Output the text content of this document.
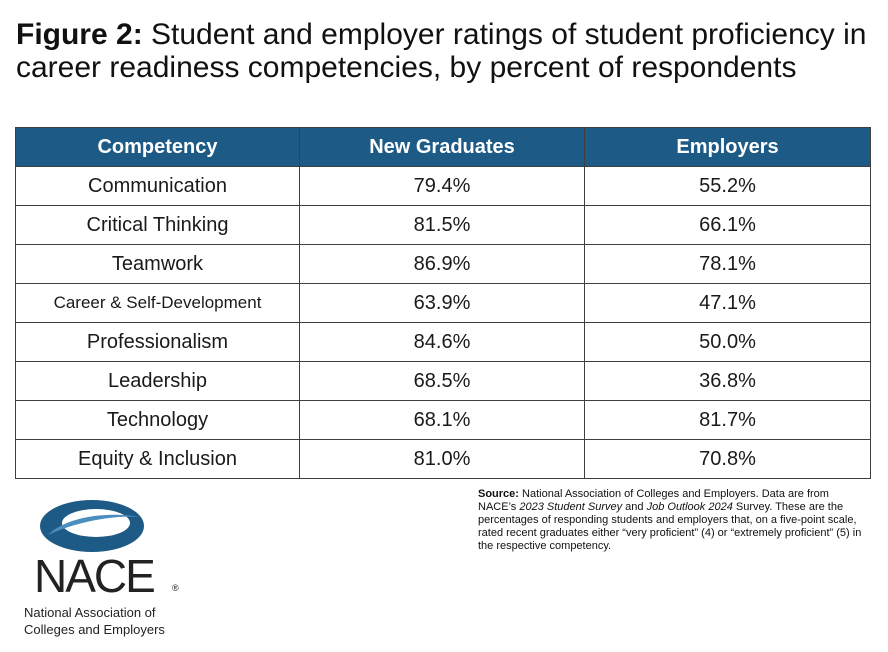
Figure 2: Student and employer ratings of student proficiency in career readiness competencies, by percent of respondents
Competency	New Graduates	Employers
Communication	79.4%	55.2%
Critical Thinking	81.5%	66.1%
Teamwork	86.9%	78.1%
Career & Self-Development	63.9%	47.1%
Professionalism	84.6%	50.0%
Leadership	68.5%	36.8%
Technology	68.1%	81.7%
Equity & Inclusion	81.0%	70.8%
NACE ®
National Association of
Colleges and Employers
Source: National Association of Colleges and Employers. Data are from NACE’s 2023 Student Survey and Job Outlook 2024 Survey. These are the percentages of responding students and employers that, on a five-point scale, rated recent graduates either “very proficient” (4) or “extremely proficient” (5) in the respective competency.
